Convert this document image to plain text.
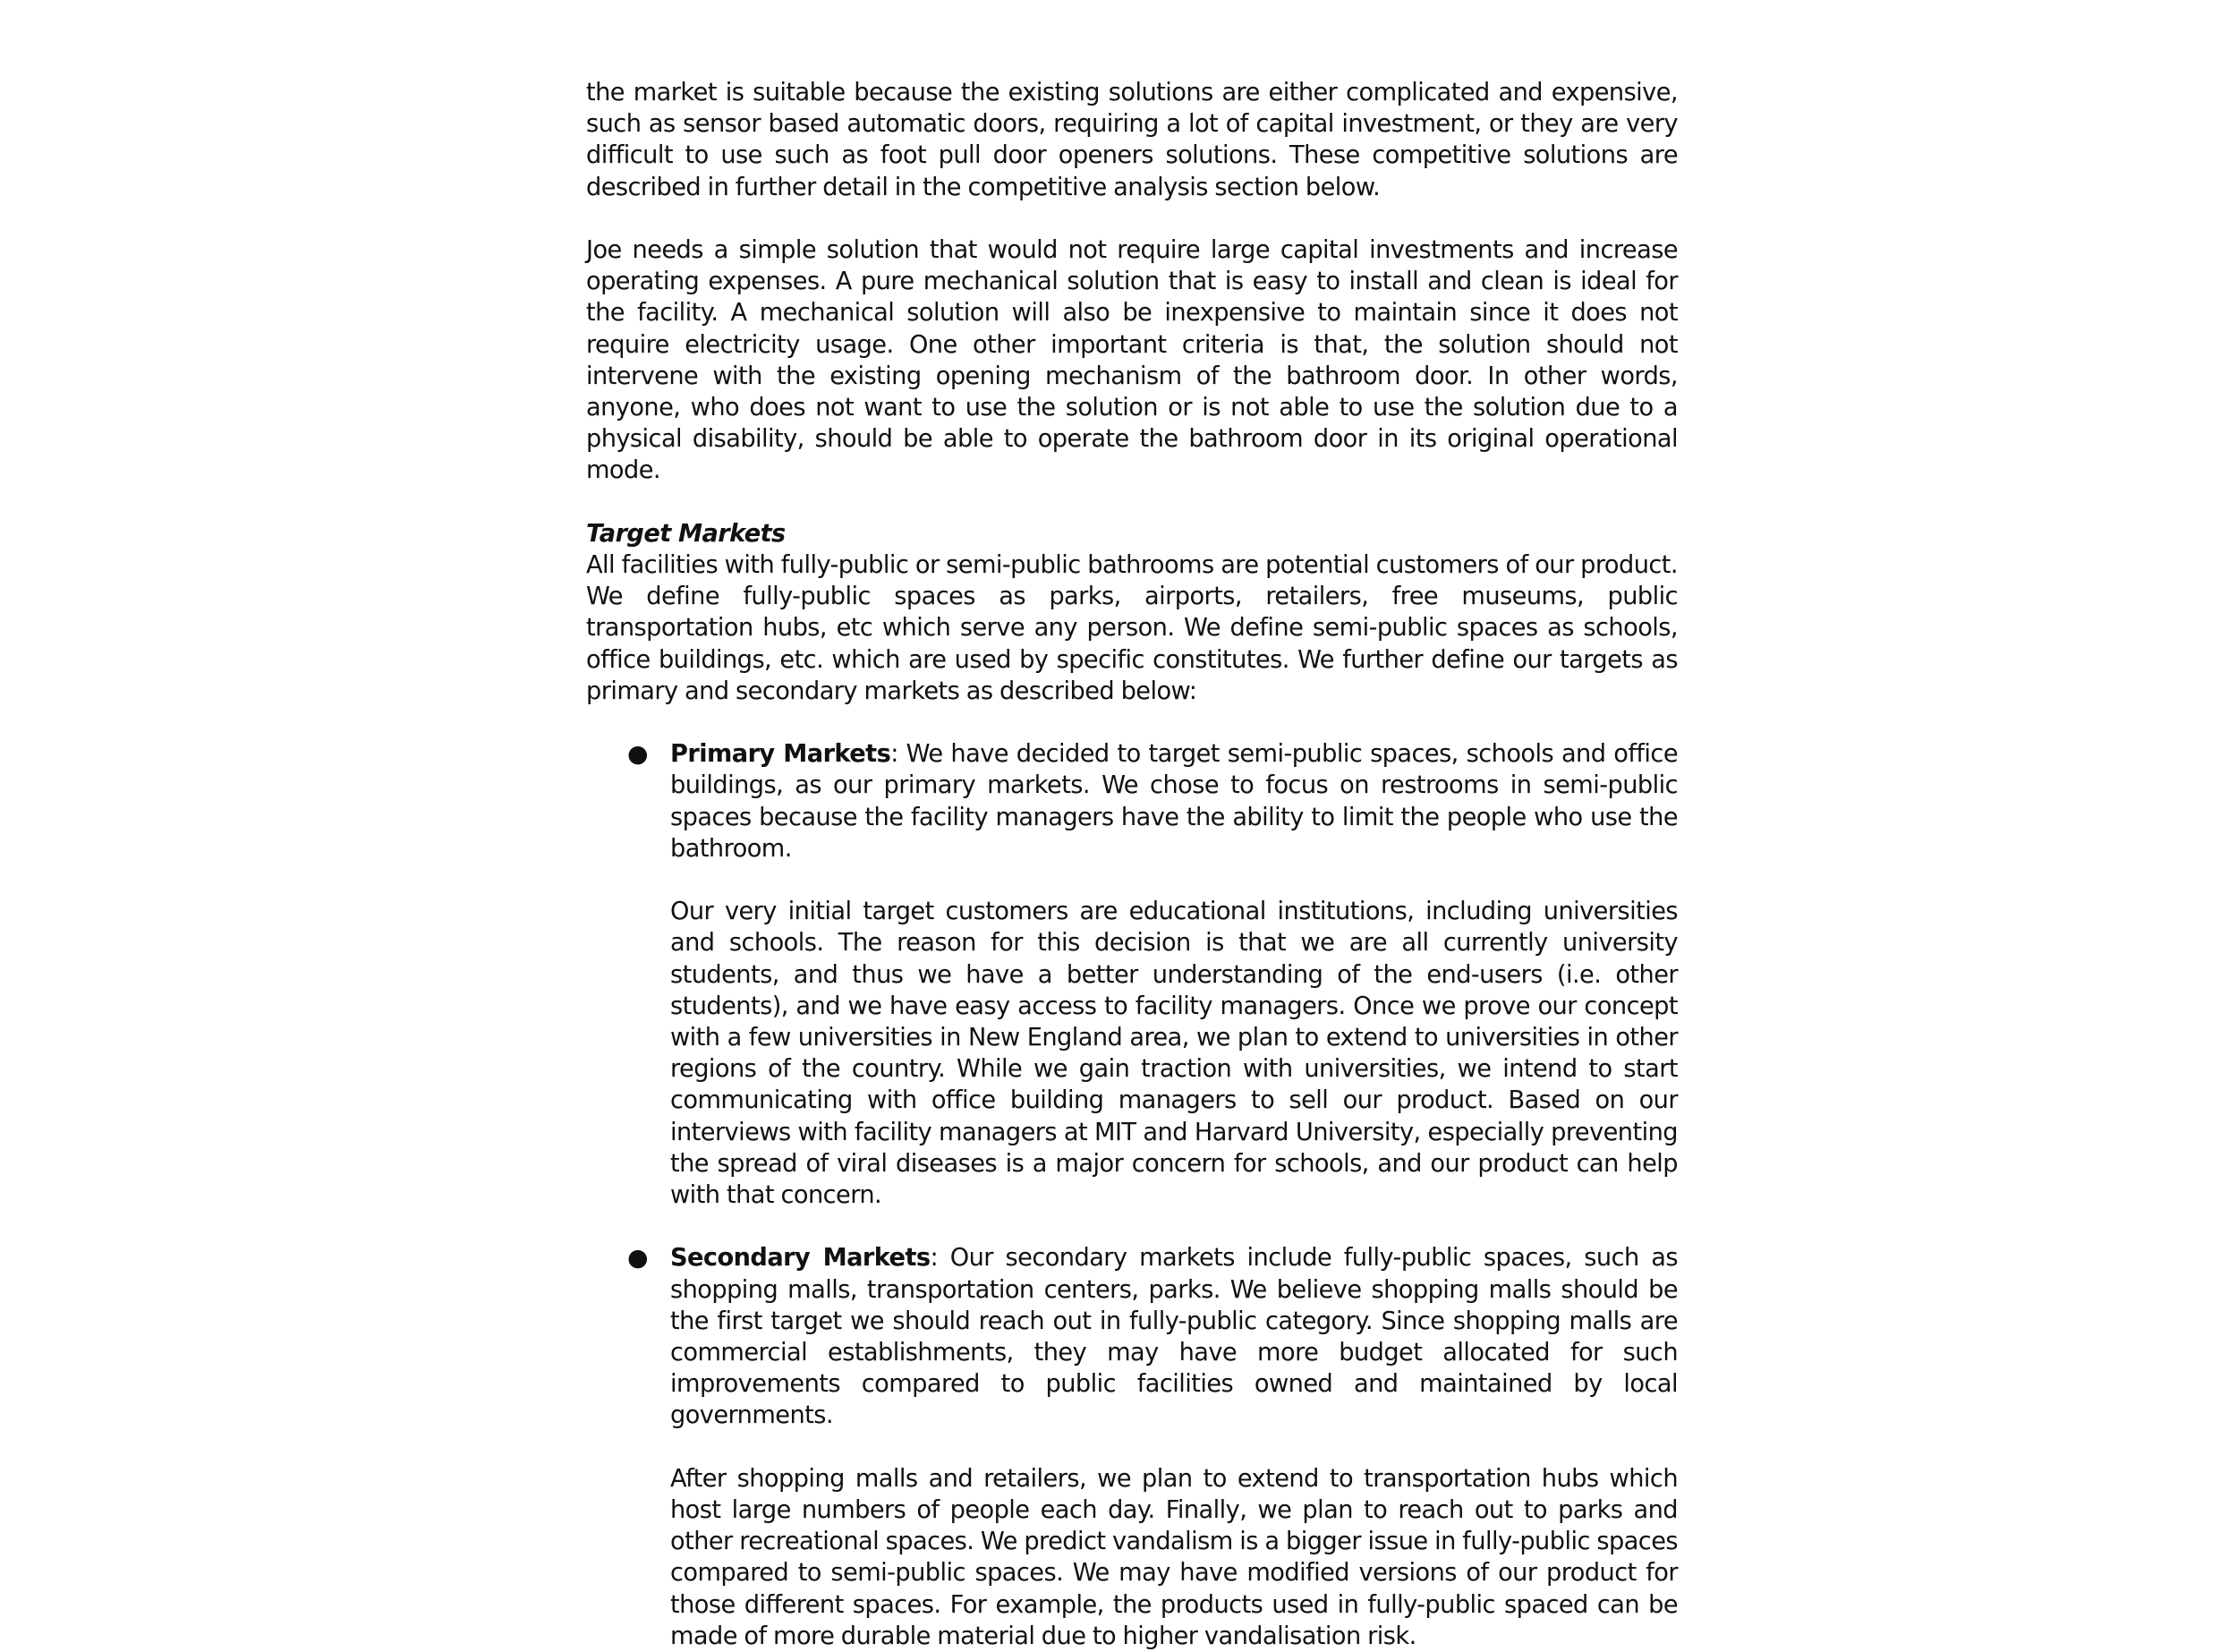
the market is suitable because the existing solutions are either complicated and expensive, such as sensor based automatic doors, requiring a lot of capital investment, or they are very difficult to use such as foot pull door openers solutions. These competitive solutions are described in further detail in the competitive analysis section below.

Joe needs a simple solution that would not require large capital investments and increase operating expenses. A pure mechanical solution that is easy to install and clean is ideal for the facility. A mechanical solution will also be inexpensive to maintain since it does not require electricity usage. One other important criteria is that, the solution should not intervene with the existing opening mechanism of the bathroom door. In other words, anyone, who does not want to use the solution or is not able to use the solution due to a physical disability, should be able to operate the bathroom door in its original operational mode.

Target Markets

All facilities with fully-public or semi-public bathrooms are potential customers of our product. We define fully-public spaces as parks, airports, retailers, free museums, public transportation hubs, etc which serve any person. We define semi-public spaces as schools, office buildings, etc. which are used by specific constitutes. We further define our targets as primary and secondary markets as described below:

● Primary Markets: We have decided to target semi-public spaces, schools and office buildings, as our primary markets. We chose to focus on restrooms in semi-public spaces because the facility managers have the ability to limit the people who use the bathroom.

Our very initial target customers are educational institutions, including universities and schools. The reason for this decision is that we are all currently university students, and thus we have a better understanding of the end-users (i.e. other students), and we have easy access to facility managers. Once we prove our concept with a few universities in New England area, we plan to extend to universities in other regions of the country. While we gain traction with universities, we intend to start communicating with office building managers to sell our product. Based on our interviews with facility managers at MIT and Harvard University, especially preventing the spread of viral diseases is a major concern for schools, and our product can help with that concern.

● Secondary Markets: Our secondary markets include fully-public spaces, such as shopping malls, transportation centers, parks. We believe shopping malls should be the first target we should reach out in fully-public category. Since shopping malls are commercial establishments, they may have more budget allocated for such improvements compared to public facilities owned and maintained by local governments.

After shopping malls and retailers, we plan to extend to transportation hubs which host large numbers of people each day. Finally, we plan to reach out to parks and other recreational spaces. We predict vandalism is a bigger issue in fully-public spaces compared to semi-public spaces. We may have modified versions of our product for those different spaces. For example, the products used in fully-public spaced can be made of more durable material due to higher vandalisation risk.
